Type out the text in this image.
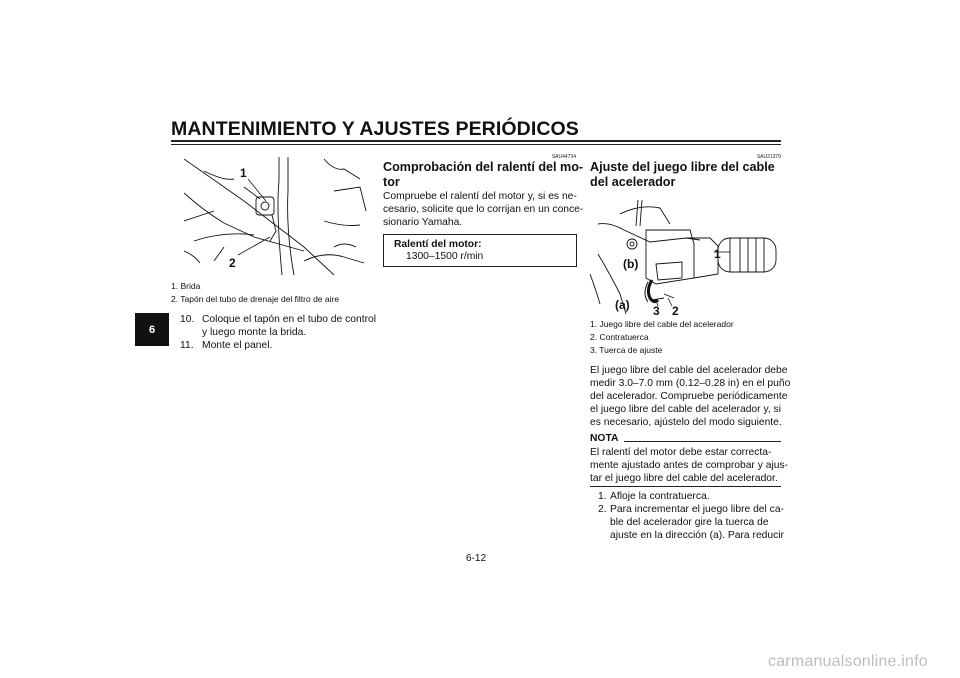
MANTENIMIENTO Y AJUSTES PERIÓDICOS
6
1
2
1. Brida
2. Tapón del tubo de drenaje del filtro de aire
10. Coloque el tapón en el tubo de control
y luego monte la brida.
11. Monte el panel.
SAU44734
Comprobación del ralentí del mo-
tor
Compruebe el ralentí del motor y, si es ne-
cesario, solicite que lo corrijan en un conce-
sionario Yamaha.
Ralentí del motor:
1300–1500 r/min
SAU21370
Ajuste del juego libre del cable
del acelerador
1
(b)
(a) 3 2
1. Juego libre del cable del acelerador
2. Contratuerca
3. Tuerca de ajuste
El juego libre del cable del acelerador debe
medir 3.0–7.0 mm (0.12–0.28 in) en el puño
del acelerador. Compruebe periódicamente
el juego libre del cable del acelerador y, si
es necesario, ajústelo del modo siguiente.
NOTA
El ralentí del motor debe estar correcta-
mente ajustado antes de comprobar y ajus-
tar el juego libre del cable del acelerador.
1. Afloje la contratuerca.
2. Para incrementar el juego libre del ca-
ble del acelerador gire la tuerca de
ajuste en la dirección (a). Para reducir
6-12
carmanualsonline.info
